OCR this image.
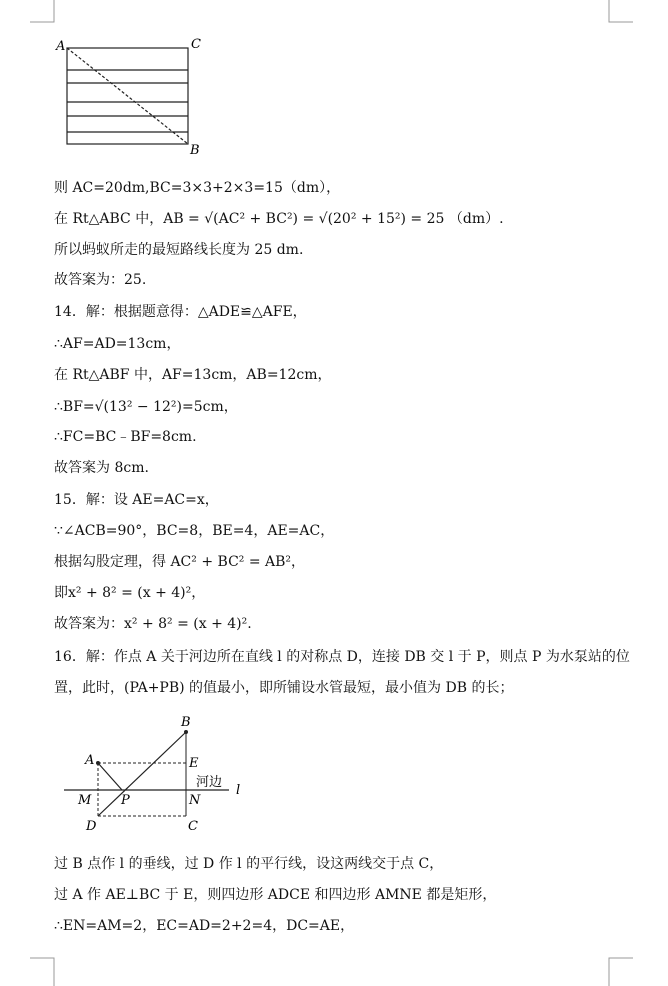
A	C
B
则 AC=20dm,BC=3×3+2×3=15（dm），
在 Rt△ABC 中，AB = √(AC² + BC²) = √(20² + 15²) = 25 （dm）.
所以蚂蚁所走的最短路线长度为 25 dm.
故答案为：25.
14．解：根据题意得：△ADE≌△AFE，
∴AF=AD=13cm，
在 Rt△ABF 中，AF=13cm，AB=12cm，
∴BF=√(13² − 12²)=5cm，
∴FC=BC﹣BF=8cm.
故答案为 8cm.
15．解：设 AE=AC=x，
∵∠ACB=90°，BC=8，BE=4，AE=AC，
根据勾股定理，得 AC² + BC² = AB²，
即x² + 8² = (x + 4)²，
故答案为：x² + 8² = (x + 4)².
16．解：作点 A 关于河边所在直线 l 的对称点 D，连接 DB 交 l 于 P，则点 P 为水泵站的位
置，此时，(PA+PB) 的值最小，即所铺设水管最短，最小值为 DB 的长；
B
A	E
河边
l
M P	N
D	C
过 B 点作 l 的垂线，过 D 作 l 的平行线，设这两线交于点 C，
过 A 作 AE⊥BC 于 E，则四边形 ADCE 和四边形 AMNE 都是矩形，
∴EN=AM=2，EC=AD=2+2=4，DC=AE，
